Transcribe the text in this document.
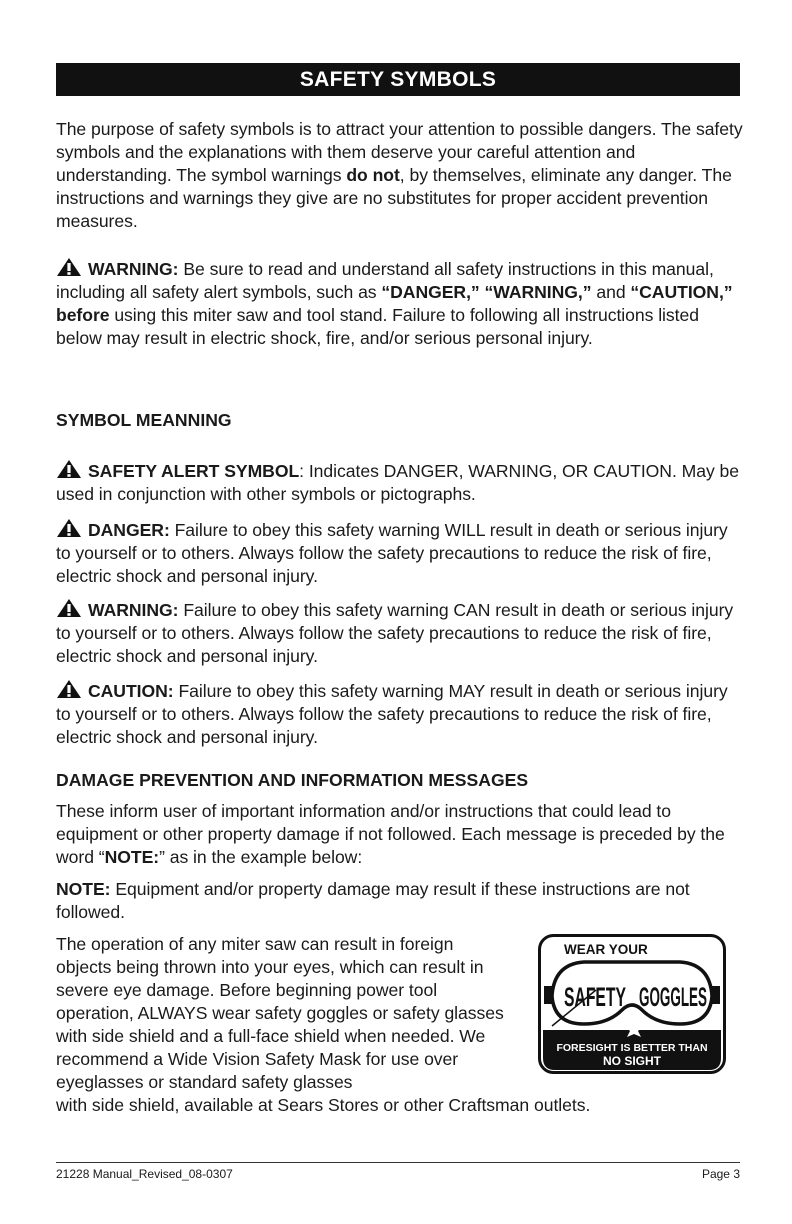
SAFETY SYMBOLS

The purpose of safety symbols is to attract your attention to possible dangers. The safety symbols and the explanations with them deserve your careful attention and understanding. The symbol warnings do not, by themselves, eliminate any danger. The instructions and warnings they give are no substitutes for proper accident prevention measures.

WARNING: Be sure to read and understand all safety instructions in this manual, including all safety alert symbols, such as “DANGER,” “WARNING,” and “CAUTION,” before using this miter saw and tool stand. Failure to following all instructions listed below may result in electric shock, fire, and/or serious personal injury.

SYMBOL MEANNING

SAFETY ALERT SYMBOL: Indicates DANGER, WARNING, OR CAUTION. May be used in conjunction with other symbols or pictographs.

DANGER: Failure to obey this safety warning WILL result in death or serious injury to yourself or to others. Always follow the safety precautions to reduce the risk of fire, electric shock and personal injury.

WARNING: Failure to obey this safety warning CAN result in death or serious injury to yourself or to others. Always follow the safety precautions to reduce the risk of fire, electric shock and personal injury.

CAUTION: Failure to obey this safety warning MAY result in death or serious injury to yourself or to others. Always follow the safety precautions to reduce the risk of fire, electric shock and personal injury.

DAMAGE PREVENTION AND INFORMATION MESSAGES

These inform user of important information and/or instructions that could lead to equipment or other property damage if not followed. Each message is preceded by the word “NOTE:” as in the example below:

NOTE: Equipment and/or property damage may result if these instructions are not followed.

The operation of any miter saw can result in foreign objects being thrown into your eyes, which can result in severe eye damage. Before beginning power tool operation, ALWAYS wear safety goggles or safety glasses with side shield and a full-face shield when needed. We recommend a Wide Vision Safety Mask for use over eyeglasses or standard safety glasses

with side shield, available at Sears Stores or other Craftsman outlets.

WEAR YOUR
SAFETY GOGGLES
FORESIGHT IS BETTER THAN
NO SIGHT
21228 Manual_Revised_08-0307	Page 3
